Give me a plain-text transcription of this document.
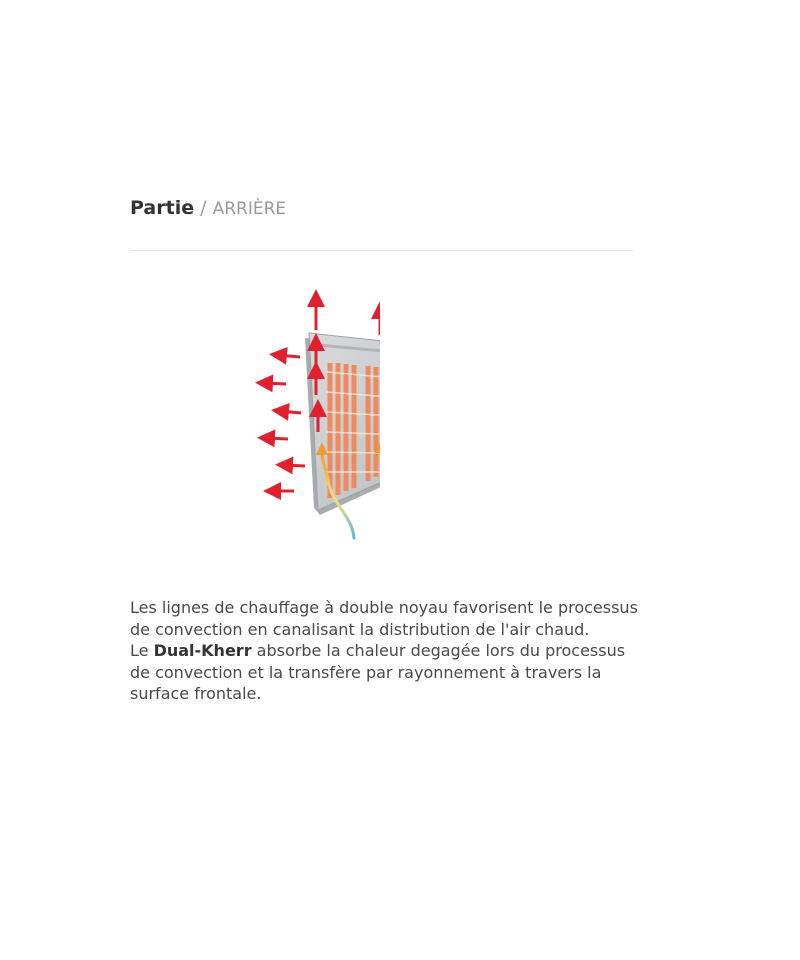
Partie / ARRIÈRE

Les lignes de chauffage à double noyau favorisent le processus de convection en canalisant la distribution de l'air chaud.

Le Dual-Kherr absorbe la chaleur degagée lors du processus de convection et la transfère par rayonnement à travers la surface frontale.
